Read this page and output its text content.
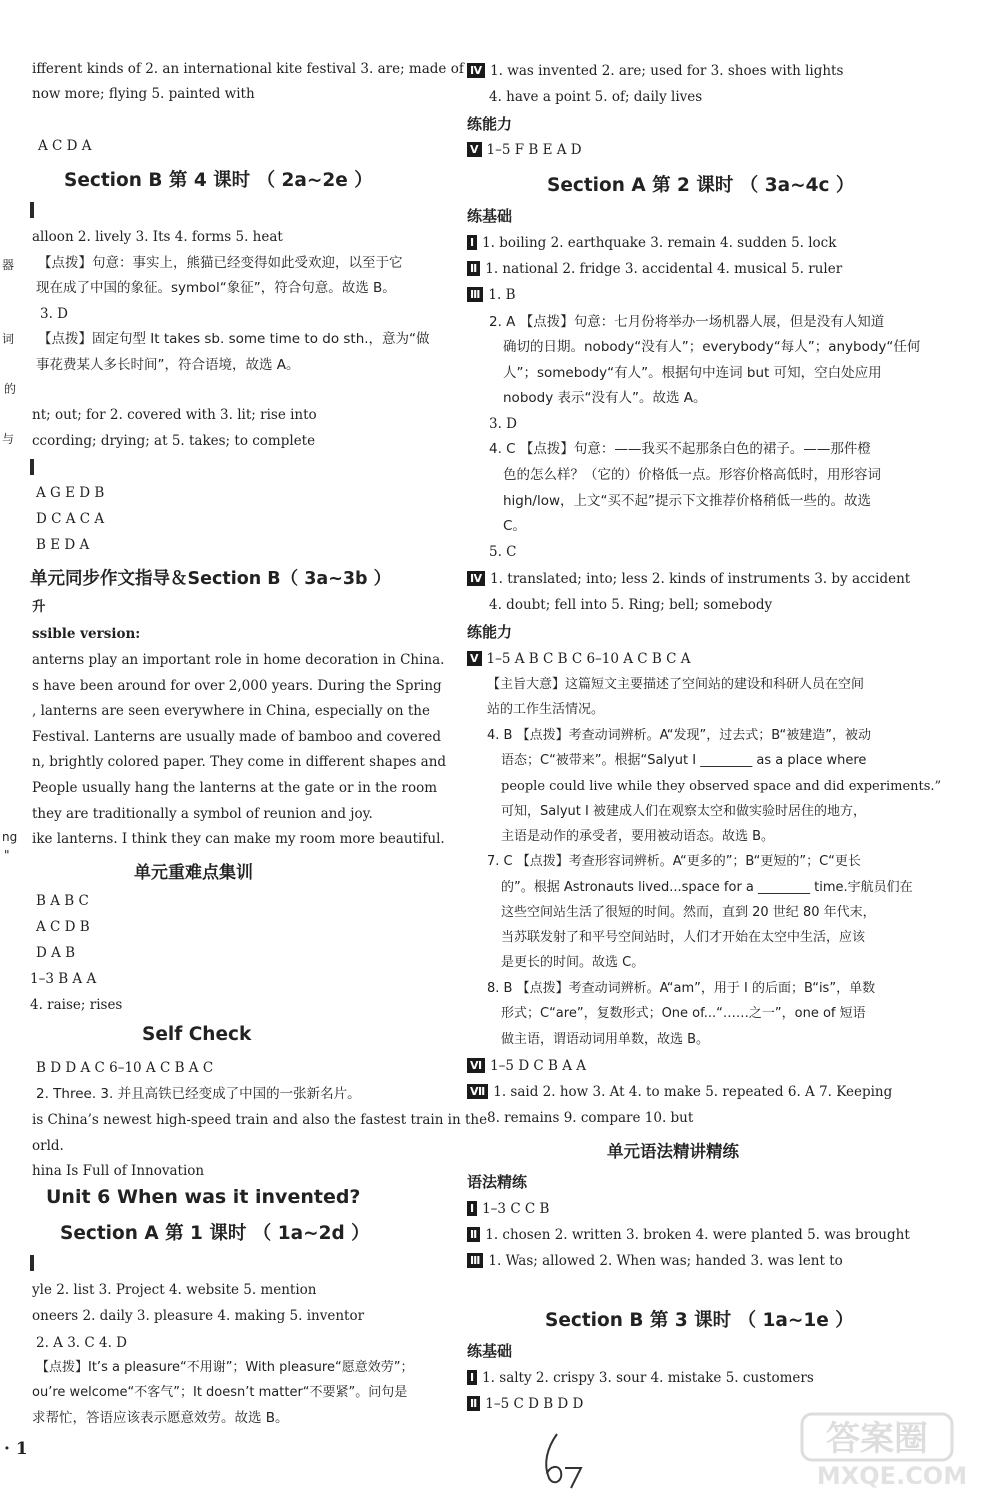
ifferent kinds of 2. an international kite festival 3. are; made of
now more; flying 5. painted with
A C D A
Section B 第 4 课时 （ 2a~2e ）
alloon 2. lively 3. Its 4. forms 5. heat
【点拨】句意：事实上，熊猫已经变得如此受欢迎，以至于它
现在成了中国的象征。symbol“象征”，符合句意。故选 B。
3. D
【点拨】固定句型 It takes sb. some time to do sth.，意为“做
事花费某人多长时间”，符合语境，故选 A。
nt; out; for 2. covered with 3. lit; rise into
ccording; drying; at 5. takes; to complete
A G E D B
D C A C A
B E D A
单元同步作文指导＆Section B（ 3a~3b ）
升
ssible version:
anterns play an important role in home decoration in China.
s have been around for over 2,000 years. During the Spring
, lanterns are seen everywhere in China, especially on the
Festival. Lanterns are usually made of bamboo and covered
n, brightly colored paper. They come in different shapes and
People usually hang the lanterns at the gate or in the room
they are traditionally a symbol of reunion and joy.
ike lanterns. I think they can make my room more beautiful.
单元重难点集训
B A B C
A C D B
D A B
1–3 B A A
4. raise; rises
Self Check
B D D A C 6–10 A C B A C
2. Three. 3. 并且高铁已经变成了中国的一张新名片。
is China’s newest high-speed train and also the fastest train in the
orld.
hina Is Full of Innovation
Unit 6 When was it invented?
Section A 第 1 课时 （ 1a~2d ）
yle 2. list 3. Project 4. website 5. mention
oneers 2. daily 3. pleasure 4. making 5. inventor
2. A 3. C 4. D
【点拨】It’s a pleasure“不用谢”；With pleasure“愿意效劳”；
ou’re welcome“不客气”；It doesn’t matter“不要紧”。问句是
求帮忙，答语应该表示愿意效劳。故选 B。
· 1
器
词
的
与
ng
"
Ⅳ 1. was invented 2. are; used for 3. shoes with lights
4. have a point 5. of; daily lives
练能力
Ⅴ 1–5 F B E A D
Section A 第 2 课时 （ 3a~4c ）
练基础
Ⅰ 1. boiling 2. earthquake 3. remain 4. sudden 5. lock
Ⅱ 1. national 2. fridge 3. accidental 4. musical 5. ruler
Ⅲ 1. B
2. A 【点拨】句意：七月份将举办一场机器人展，但是没有人知道
确切的日期。nobody“没有人”；everybody“每人”；anybody“任何
人”；somebody“有人”。根据句中连词 but 可知，空白处应用
nobody 表示“没有人”。故选 A。
3. D
4. C 【点拨】句意：——我买不起那条白色的裙子。——那件橙
色的怎么样？（它的）价格低一点。形容价格高低时，用形容词
high/low，上文“买不起”提示下文推荐价格稍低一些的。故选
C。
5. C
Ⅳ 1. translated; into; less 2. kinds of instruments 3. by accident
4. doubt; fell into 5. Ring; bell; somebody
练能力
Ⅴ 1–5 A B C B C 6–10 A C B C A
【主旨大意】这篇短文主要描述了空间站的建设和科研人员在空间
站的工作生活情况。
4. B 【点拨】考查动词辨析。A“发现”，过去式；B“被建造”，被动
语态；C“被带来”。根据“Salyut Ⅰ ________ as a place where
people could live while they observed space and did experiments.”
可知，Salyut Ⅰ 被建成人们在观察太空和做实验时居住的地方，
主语是动作的承受者，要用被动语态。故选 B。
7. C 【点拨】考查形容词辨析。A“更多的”；B“更短的”；C“更长
的”。根据 Astronauts lived...space for a ________ time.宇航员们在
这些空间站生活了很短的时间。然而，直到 20 世纪 80 年代末，
当苏联发射了和平号空间站时，人们才开始在太空中生活，应该
是更长的时间。故选 C。
8. B 【点拨】考查动词辨析。A“am”，用于 I 的后面；B“is”，单数
形式；C“are”，复数形式；One of...“……之一”，one of 短语
做主语，谓语动词用单数，故选 B。
Ⅵ 1–5 D C B A A
Ⅶ 1. said 2. how 3. At 4. to make 5. repeated 6. A 7. Keeping
8. remains 9. compare 10. but
单元语法精讲精练
语法精练
Ⅰ 1–3 C C B
Ⅱ 1. chosen 2. written 3. broken 4. were planted 5. was brought
Ⅲ 1. Was; allowed 2. When was; handed 3. was lent to
Section B 第 3 课时 （ 1a~1e ）
练基础
Ⅰ 1. salty 2. crispy 3. sour 4. mistake 5. customers
Ⅱ 1–5 C D B D D
答案圈
MXQE.COM
